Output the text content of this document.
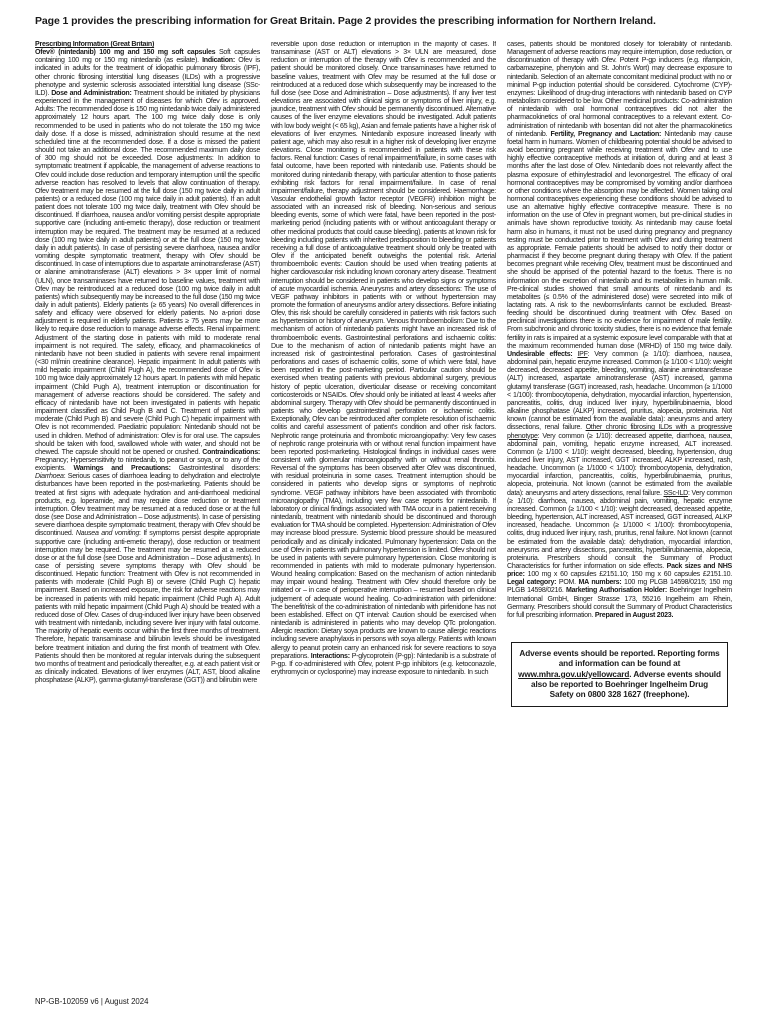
Page 1 provides the prescribing information for Great Britain. Page 2 provides the prescribing information for Northern Ireland.

Prescribing Information (Great Britain)
Ofev® (nintedanib) 100 mg and 150 mg soft capsules Soft capsules containing 100 mg or 150 mg nintedanib (as esilate). Indication: Ofev is indicated in adults for the treatment of idiopathic pulmonary fibrosis (IPF), other chronic fibrosing interstitial lung diseases (ILDs) with a progressive phenotype and systemic sclerosis associated interstitial lung disease (SSc-ILD). Dose and Administration: Treatment should be initiated by physicians experienced in the management of diseases for which Ofev is approved. Adults: The recommended dose is 150 mg nintedanib twice daily administered approximately 12 hours apart. The 100 mg twice daily dose is only recommended to be used in patients who do not tolerate the 150 mg twice daily dose. If a dose is missed, administration should resume at the next scheduled time at the recommended dose. If a dose is missed the patient should not take an additional dose. The recommended maximum daily dose of 300 mg should not be exceeded. Dose adjustments: In addition to symptomatic treatment if applicable, the management of adverse reactions to Ofev could include dose reduction and temporary interruption until the specific adverse reaction has resolved to levels that allow continuation of therapy. Ofev treatment may be resumed at the full dose (150 mg twice daily in adult patients) or a reduced dose (100 mg twice daily in adult patients). If an adult patient does not tolerate 100 mg twice daily, treatment with Ofev should be discontinued. If diarrhoea, nausea and/or vomiting persist despite appropriate supportive care (including anti-emetic therapy), dose reduction or treatment interruption may be required. The treatment may be resumed at a reduced dose (100 mg twice daily in adult patients) or at the full dose (150 mg twice daily in adult patients). In case of persisting severe diarrhoea, nausea and/or vomiting despite symptomatic treatment, therapy with Ofev should be discontinued. In case of interruptions due to aspartate aminotransferase (AST) or alanine aminotransferase (ALT) elevations > 3× upper limit of normal (ULN), once transaminases have returned to baseline values, treatment with Ofev may be reintroduced at a reduced dose (100 mg twice daily in adult patients) which subsequently may be increased to the full dose (150 mg twice daily in adult patients). Elderly patients (≥ 65 years) No overall differences in safety and efficacy were observed for elderly patients. No a-priori dose adjustment is required in elderly patients. Patients ≥ 75 years may be more likely to require dose reduction to manage adverse effects. Renal impairment: Adjustment of the starting dose in patients with mild to moderate renal impairment is not required. The safety, efficacy, and pharmacokinetics of nintedanib have not been studied in patients with severe renal impairment (<30 ml/min creatinine clearance). Hepatic impairment: In adult patients with mild hepatic impairment (Child Pugh A), the recommended dose of Ofev is 100 mg twice daily approximately 12 hours apart. In patients with mild hepatic impairment (Child Pugh A), treatment interruption or discontinuation for management of adverse reactions should be considered. The safety and efficacy of nintedanib have not been investigated in patients with hepatic impairment classified as Child Pugh B and C. Treatment of patients with moderate (Child Pugh B) and severe (Child Pugh C) hepatic impairment with Ofev is not recommended. Paediatric population: Nintedanib should not be used in children. Method of administration: Ofev is for oral use. The capsules should be taken with food, swallowed whole with water, and should not be chewed. The capsule should not be opened or crushed. Contraindications: Pregnancy; Hypersensitivity to nintedanib, to peanut or soya, or to any of the excipients. Warnings and Precautions: Gastrointestinal disorders: Diarrhoea: Serious cases of diarrhoea leading to dehydration and electrolyte disturbances have been reported in the post-marketing. Patients should be treated at first signs with adequate hydration and anti-diarrhoeal medicinal products, e.g. loperamide, and may require dose reduction or treatment interruption. Ofev treatment may be resumed at a reduced dose or at the full dose (see Dose and Administration – Dose adjustments). In case of persisting severe diarrhoea despite symptomatic treatment, therapy with Ofev should be discontinued. Nausea and vomiting: If symptoms persist despite appropriate supportive care (including anti-emetic therapy), dose reduction or treatment interruption may be required. The treatment may be resumed at a reduced dose or at the full dose (see Dose and Administration – Dose adjustments). In case of persisting severe symptoms therapy with Ofev should be discontinued. Hepatic function: Treatment with Ofev is not recommended in patients with moderate (Child Pugh B) or severe (Child Pugh C) hepatic impairment. Based on increased exposure, the risk for adverse reactions may be increased in patients with mild hepatic impairment (Child Pugh A). Adult patients with mild hepatic impairment (Child Pugh A) should be treated with a reduced dose of Ofev. Cases of drug-induced liver injury have been observed with treatment with nintedanib, including severe liver injury with fatal outcome. The majority of hepatic events occur within the first three months of treatment. Therefore, hepatic transaminase and bilirubin levels should be investigated before treatment initiation and during the first month of treatment with Ofev. Patients should then be monitored at regular intervals during the subsequent two months of treatment and periodically thereafter, e.g. at each patient visit or as clinically indicated. Elevations of liver enzymes (ALT, AST, blood alkaline phosphatase (ALKP), gamma-glutamyl-transferase (GGT)) and bilirubin were

reversible upon dose reduction or interruption in the majority of cases. If transaminase (AST or ALT) elevations > 3× ULN are measured, dose reduction or interruption of the therapy with Ofev is recommended and the patient should be monitored closely. Once transaminases have returned to baseline values, treatment with Ofev may be resumed at the full dose or reintroduced at a reduced dose which subsequently may be increased to the full dose (see Dose and Administration – Dose adjustments). If any liver test elevations are associated with clinical signs or symptoms of liver injury, e.g. jaundice, treatment with Ofev should be permanently discontinued. Alternative causes of the liver enzyme elevations should be investigated. Adult patients with low body weight (< 65 kg), Asian and female patients have a higher risk of elevations of liver enzymes. Nintedanib exposure increased linearly with patient age, which may also result in a higher risk of developing liver enzyme elevations. Close monitoring is recommended in patients with these risk factors. Renal function: Cases of renal impairment/failure, in some cases with fatal outcome, have been reported with nintedanib use. Patients should be monitored during nintedanib therapy, with particular attention to those patients exhibiting risk factors for renal impairment/failure. In case of renal impairment/failure, therapy adjustment should be considered. Haemorrhage: Vascular endothelial growth factor receptor (VEGFR) inhibition might be associated with an increased risk of bleeding. Non-serious and serious bleeding events, some of which were fatal, have been reported in the post-marketing period (including patients with or without anticoagulant therapy or other medicinal products that could cause bleeding). patients at known risk for bleeding including patients with inherited predisposition to bleeding or patients receiving a full dose of anticoagulative treatment should only be treated with Ofev if the anticipated benefit outweighs the potential risk. Arterial thromboembolic events: Caution should be used when treating patients at higher cardiovascular risk including known coronary artery disease. Treatment interruption should be considered in patients who develop signs or symptoms of acute myocardial ischemia. Aneurysms and artery dissections: The use of VEGF pathway inhibitors in patients with or without hypertension may promote the formation of aneurysms and/or artery dissections. Before initiating Ofev, this risk should be carefully considered in patients with risk factors such as hypertension or history of aneurysm. Venous thromboembolism: Due to the mechanism of action of nintedanib patients might have an increased risk of thromboembolic events. Gastrointestinal perforations and ischaemic colitis: Due to the mechanism of action of nintedanib patients might have an increased risk of gastrointestinal perforation. Cases of gastrointestinal perforations and cases of ischaemic colitis, some of which were fatal, have been reported in the post-marketing period. Particular caution should be exercised when treating patients with previous abdominal surgery, previous history of peptic ulceration, diverticular disease or receiving concomitant corticosteroids or NSAIDs. Ofev should only be initiated at least 4 weeks after abdominal surgery. Therapy with Ofev should be permanently discontinued in patients who develop gastrointestinal perforation or ischaemic colitis. Exceptionally, Ofev can be reintroduced after complete resolution of ischaemic colitis and careful assessment of patient's condition and other risk factors. Nephrotic range proteinuria and thrombotic microangiopathy: Very few cases of nephrotic range proteinuria with or without renal function impairment have been reported post-marketing. Histological findings in individual cases were consistent with glomerular microangiopathy with or without renal thrombi. Reversal of the symptoms has been observed after Ofev was discontinued, with residual proteinuria in some cases. Treatment interruption should be considered in patients who develop signs or symptoms of nephrotic syndrome. VEGF pathway inhibitors have been associated with thrombotic microangiopathy (TMA), including very few case reports for nintedanib. If laboratory or clinical findings associated with TMA occur in a patient receiving nintedanib, treatment with nintedanib should be discontinued and thorough evaluation for TMA should be completed. Hypertension: Administration of Ofev may increase blood pressure. Systemic blood pressure should be measured periodically and as clinically indicated. Pulmonary hypertension: Data on the use of Ofev in patients with pulmonary hypertension is limited. Ofev should not be used in patients with severe pulmonary hypertension. Close monitoring is recommended in patients with mild to moderate pulmonary hypertension. Wound healing complication: Based on the mechanism of action nintedanib may impair wound healing. Treatment with Ofev should therefore only be initiated or – in case of perioperative interruption – resumed based on clinical judgement of adequate wound healing. Co-administration with pirfenidone: The benefit/risk of the co-administration of nintedanib with pirfenidone has not been established. Effect on QT interval: Caution should be exercised when nintedanib is administered in patients who may develop QTc prolongation. Allergic reaction: Dietary soya products are known to cause allergic reactions including severe anaphylaxis in persons with soya allergy. Patients with known allergy to peanut protein carry an enhanced risk for severe reactions to soya preparations. Interactions: P-glycoprotein (P-gp): Nintedanib is a substrate of P-gp. If co-administered with Ofev, potent P-gp inhibitors (e.g. ketoconazole, erythromycin or cyclosporine) may increase exposure to nintedanib. In such

cases, patients should be monitored closely for tolerability of nintedanib. Management of adverse reactions may require interruption, dose reduction, or discontinuation of therapy with Ofev. Potent P-gp inducers (e.g. rifampicin, carbamazepine, phenytoin and St. John's Wort) may decrease exposure to nintedanib. Selection of an alternate concomitant medicinal product with no or minimal P-gp induction potential should be considered. Cytochrome (CYP)-enzymes: Likelihood of drug-drug interactions with nintedanib based on CYP metabolism considered to be low. Other medicinal products: Co-administration of nintedanib with oral hormonal contraceptives did not alter the pharmacokinetics of oral hormonal contraceptives to a relevant extent. Co-administration of nintedanib with bosentan did not alter the pharmacokinetics of nintedanib. Fertility, Pregnancy and Lactation: Nintedanib may cause foetal harm in humans. Women of childbearing potential should be advised to avoid becoming pregnant while receiving treatment with Ofev and to use highly effective contraceptive methods at initiation of, during and at least 3 months after the last dose of Ofev. Nintedanib does not relevantly affect the plasma exposure of ethinylestradiol and levonorgestrel. The efficacy of oral hormonal contraceptives may be compromised by vomiting and/or diarrhoea or other conditions where the absorption may be affected. Women taking oral hormonal contraceptives experiencing these conditions should be advised to use an alternative highly effective contraceptive measure. There is no information on the use of Ofev in pregnant women, but pre-clinical studies in animals have shown reproductive toxicity. As nintedanib may cause foetal harm also in humans, it must not be used during pregnancy and pregnancy testing must be conducted prior to treatment with Ofev and during treatment as appropriate. Female patients should be advised to notify their doctor or pharmacist if they become pregnant during therapy with Ofev. If the patient becomes pregnant while receiving Ofev, treatment must be discontinued and she should be apprised of the potential hazard to the foetus. There is no information on the excretion of nintedanib and its metabolites in human milk. Pre-clinical studies showed that small amounts of nintedanib and its metabolites (≤ 0.5% of the administered dose) were secreted into milk of lactating rats. A risk to the newborns/infants cannot be excluded. Breast-feeding should be discontinued during treatment with Ofev. Based on preclinical investigations there is no evidence for impairment of male fertility. From subchronic and chronic toxicity studies, there is no evidence that female fertility in rats is impaired at a systemic exposure level comparable with that at the maximum recommended human dose (MRHD) of 150 mg twice daily. Undesirable effects: IPF: Very common (≥ 1/10): diarrhoea, nausea, abdominal pain, hepatic enzyme increased. Common (≥ 1/100 < 1/10): weight decreased, decreased appetite, bleeding, vomiting, alanine aminotransferase (ALT) increased, aspartate aminotransferase (AST) increased, gamma glutamyl transferase (GGT) increased, rash, headache. Uncommon (≥ 1/1000 < 1/100): thrombocytopenia, dehydration, myocardial infarction, hypertension, pancreatitis, colitis, drug induced liver injury, hyperbilirubinaemia, blood alkaline phosphatase (ALKP) increased, pruritus, alopecia, proteinuria. Not known (cannot be estimated from the available data): aneurysms and artery dissections, renal failure. Other chronic fibrosing ILDs with a progressive phenotype: Very common (≥ 1/10): decreased appetite, diarrhoea, nausea, abdominal pain, vomiting, hepatic enzyme increased, ALT increased. Common (≥ 1/100 < 1/10): weight decreased, bleeding, hypertension, drug induced liver injury, AST increased, GGT increased, ALKP increased, rash, headache. Uncommon (≥ 1/1000 < 1/100): thrombocytopenia, dehydration, myocardial infarction, pancreatitis, colitis, hyperbilirubinaemia, pruritus, alopecia, proteinuria. Not known (cannot be estimated from the available data): aneurysms and artery dissections, renal failure. SSc-ILD: Very common (≥ 1/10): diarrhoea, nausea, abdominal pain, vomiting, hepatic enzyme increased. Common (≥ 1/100 < 1/10): weight decreased, decreased appetite, bleeding, hypertension, ALT increased, AST increased, GGT increased, ALKP increased, headache. Uncommon (≥ 1/1000 < 1/100): thrombocytopenia, colitis, drug induced liver injury, rash, pruritus, renal failure. Not known (cannot be estimated from the available data): dehydration, myocardial infarction, aneurysms and artery dissections, pancreatitis, hyperbilirubinaemia, alopecia, proteinuria. Prescribers should consult the Summary of Product Characteristics for further information on side effects. Pack sizes and NHS price: 100 mg x 60 capsules £2151.10; 150 mg x 60 capsules £2151.10. Legal category: POM. MA numbers: 100 mg PLGB 14598/0215; 150 mg PLGB 14598/0216. Marketing Authorisation Holder: Boehringer Ingelheim International GmbH, Binger Strasse 173, 55216 Ingelheim am Rhein, Germany. Prescribers should consult the Summary of Product Characteristics for full prescribing information. Prepared in August 2023.

Adverse events should be reported. Reporting forms and information can be found at www.mhra.gov.uk/yellowcard. Adverse events should also be reported to Boehringer Ingelheim Drug Safety on 0800 328 1627 (freephone).
NP-GB-102059 v6 | August 2024
